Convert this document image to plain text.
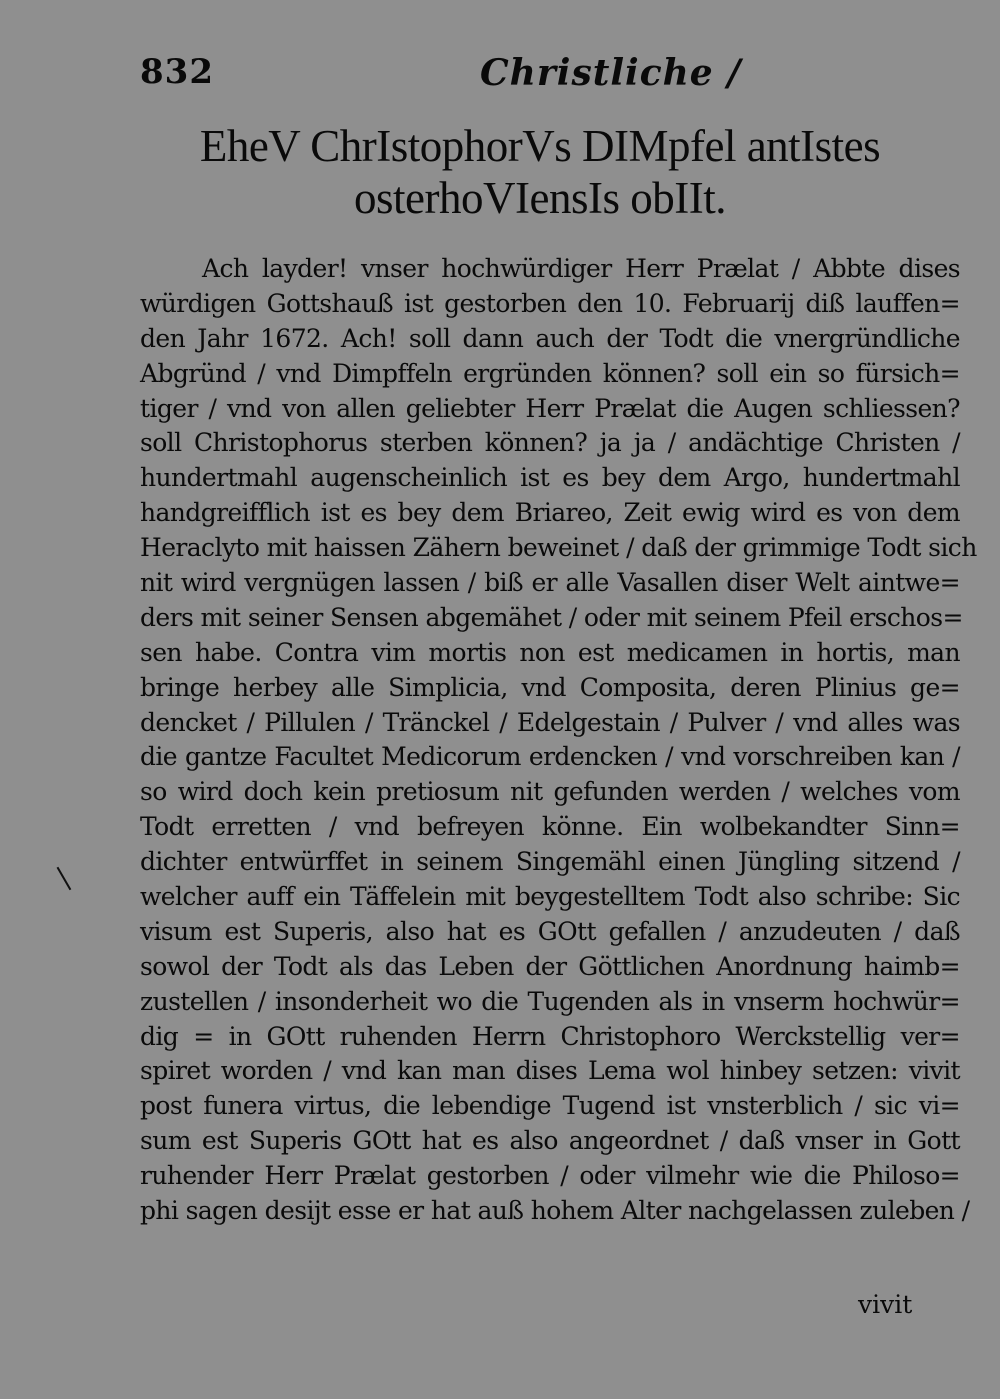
832	Christliche /
EheV ChrIstophorVs DIMpfel antIstes
osterhoVIensIs obIIt.
Ach layder! vnser hochwürdiger Herr Prælat / Abbte dises
würdigen Gottshauß ist gestorben den 10. Februarij diß lauffen=
den Jahr 1672. Ach! soll dann auch der Todt die vnergründliche
Abgründ / vnd Dimpffeln ergründen können? soll ein so fürsich=
tiger / vnd von allen geliebter Herr Prælat die Augen schliessen?
soll Christophorus sterben können? ja ja / andächtige Christen /
hundertmahl augenscheinlich ist es bey dem Argo, hundertmahl
handgreifflich ist es bey dem Briareo, Zeit ewig wird es von dem
Heraclyto mit haissen Zähern beweinet / daß der grimmige Todt sich
nit wird vergnügen lassen / biß er alle Vasallen diser Welt aintwe=
ders mit seiner Sensen abgemähet / oder mit seinem Pfeil erschos=
sen habe. Contra vim mortis non est medicamen in hortis, man
bringe herbey alle Simplicia, vnd Composita, deren Plinius ge=
dencket / Pillulen / Tränckel / Edelgestain / Pulver / vnd alles was
die gantze Facultet Medicorum erdencken / vnd vorschreiben kan /
so wird doch kein pretiosum nit gefunden werden / welches vom
Todt erretten / vnd befreyen könne. Ein wolbekandter Sinn=
dichter entwürffet in seinem Singemähl einen Jüngling sitzend /
welcher auff ein Täffelein mit beygestelltem Todt also schribe: Sic
visum est Superis, also hat es GOtt gefallen / anzudeuten / daß
sowol der Todt als das Leben der Göttlichen Anordnung haimb=
zustellen / insonderheit wo die Tugenden als in vnserm hochwür=
dig = in GOtt ruhenden Herrn Christophoro Werckstellig ver=
spiret worden / vnd kan man dises Lema wol hinbey setzen: vivit
post funera virtus, die lebendige Tugend ist vnsterblich / sic vi=
sum est Superis GOtt hat es also angeordnet / daß vnser in Gott
ruhender Herr Prælat gestorben / oder vilmehr wie die Philoso=
phi sagen desijt esse er hat auß hohem Alter nachgelassen zuleben /
vivit
